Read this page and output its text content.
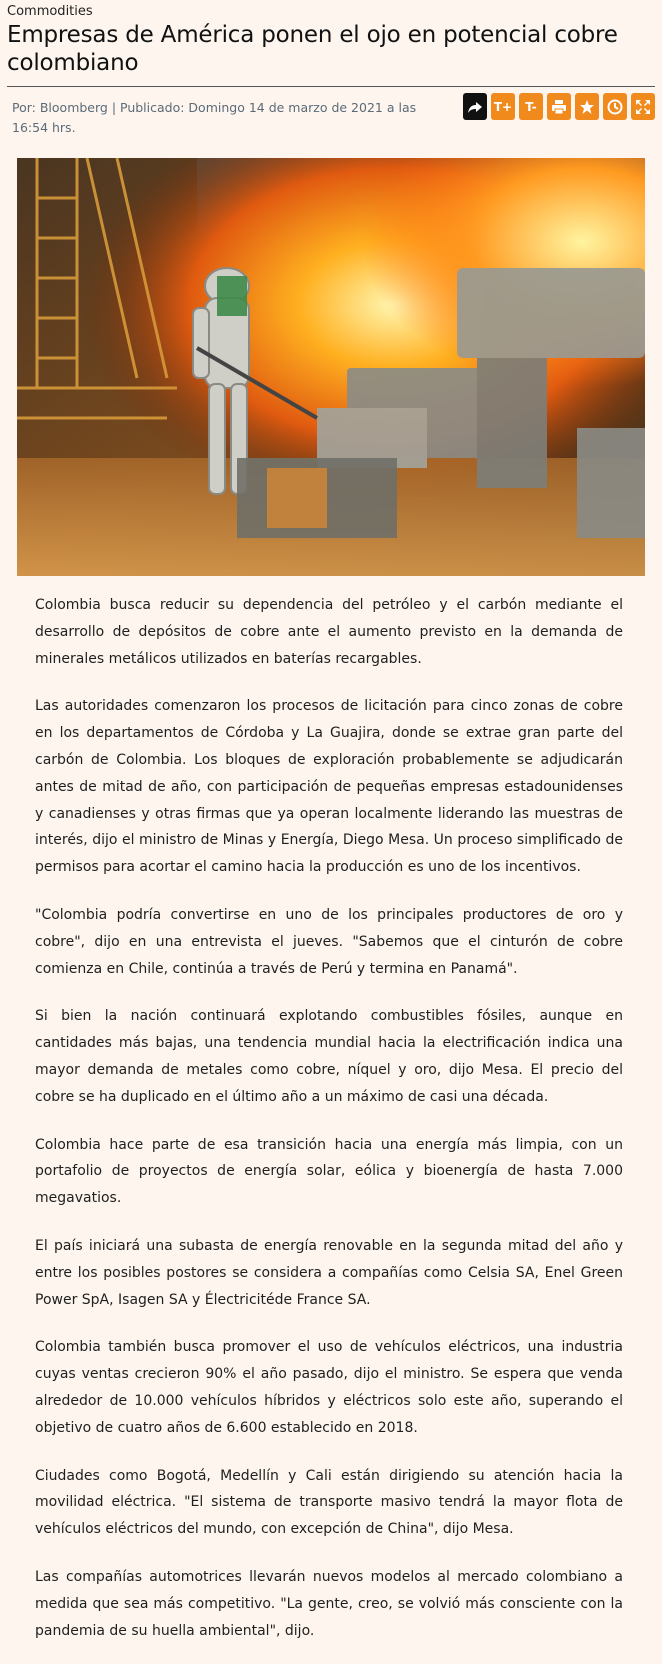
Commodities
Empresas de América ponen el ojo en potencial cobre colombiano
Por: Bloomberg | Publicado: Domingo 14 de marzo de 2021 a las 16:54 hrs.
T+	T-

Colombia busca reducir su dependencia del petróleo y el carbón mediante el desarrollo de depósitos de cobre ante el aumento previsto en la demanda de minerales metálicos utilizados en baterías recargables.

Las autoridades comenzaron los procesos de licitación para cinco zonas de cobre en los departamentos de Córdoba y La Guajira, donde se extrae gran parte del carbón de Colombia. Los bloques de exploración probablemente se adjudicarán antes de mitad de año, con participación de pequeñas empresas estadounidenses y canadienses y otras firmas que ya operan localmente liderando las muestras de interés, dijo el ministro de Minas y Energía, Diego Mesa. Un proceso simplificado de permisos para acortar el camino hacia la producción es uno de los incentivos.

"Colombia podría convertirse en uno de los principales productores de oro y cobre", dijo en una entrevista el jueves. "Sabemos que el cinturón de cobre comienza en Chile, continúa a través de Perú y termina en Panamá".

Si bien la nación continuará explotando combustibles fósiles, aunque en cantidades más bajas, una tendencia mundial hacia la electrificación indica una mayor demanda de metales como cobre, níquel y oro, dijo Mesa. El precio del cobre se ha duplicado en el último año a un máximo de casi una década.

Colombia hace parte de esa transición hacia una energía más limpia, con un portafolio de proyectos de energía solar, eólica y bioenergía de hasta 7.000 megavatios.

El país iniciará una subasta de energía renovable en la segunda mitad del año y entre los posibles postores se considera a compañías como Celsia SA, Enel Green Power SpA, Isagen SA y Électricitéde France SA.

Colombia también busca promover el uso de vehículos eléctricos, una industria cuyas ventas crecieron 90% el año pasado, dijo el ministro. Se espera que venda alrededor de 10.000 vehículos híbridos y eléctricos solo este año, superando el objetivo de cuatro años de 6.600 establecido en 2018.

Ciudades como Bogotá, Medellín y Cali están dirigiendo su atención hacia la movilidad eléctrica. "El sistema de transporte masivo tendrá la mayor flota de vehículos eléctricos del mundo, con excepción de China", dijo Mesa.

Las compañías automotrices llevarán nuevos modelos al mercado colombiano a medida que sea más competitivo. "La gente, creo, se volvió más consciente con la pandemia de su huella ambiental", dijo.
